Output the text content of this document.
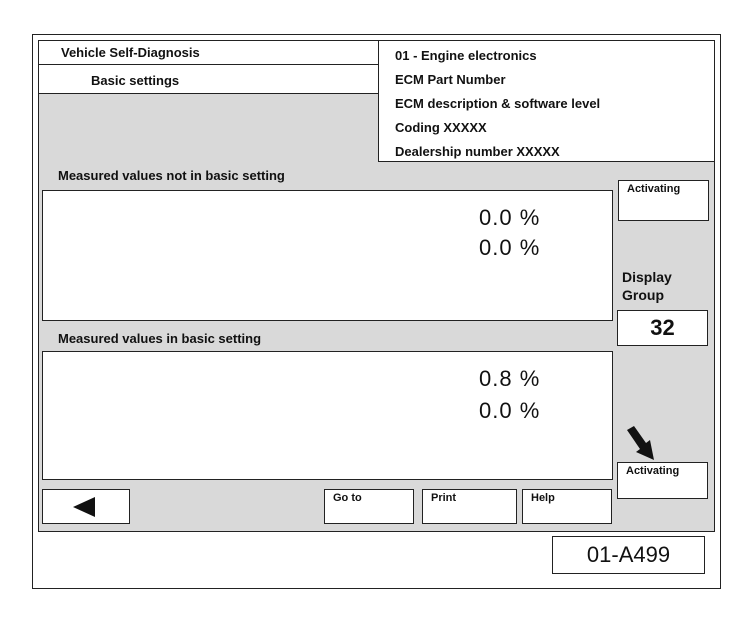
Vehicle Self-Diagnosis
Basic settings
01 - Engine electronics
ECM Part Number
ECM description & software level
Coding XXXXX
Dealership number XXXXX
Measured values not in basic setting
0.0 %
0.0 %
Measured values in basic setting
0.8 %
0.0 %
Activating
Display Group
32
Activating
Go to	Print	Help
01-A499
